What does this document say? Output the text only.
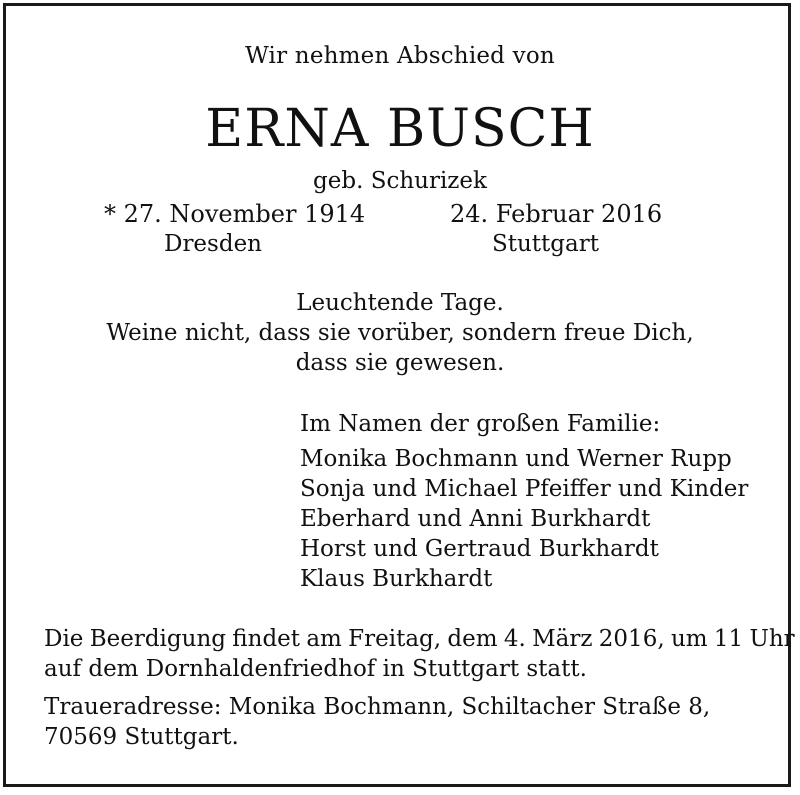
Wir nehmen Abschied von
ERNA BUSCH
geb. Schurizek
* 27. November 1914
Dresden
24. Februar 2016
Stuttgart
Leuchtende Tage.
Weine nicht, dass sie vorüber, sondern freue Dich,
dass sie gewesen.
Im Namen der großen Familie:
Monika Bochmann und Werner Rupp
Sonja und Michael Pfeiffer und Kinder
Eberhard und Anni Burkhardt
Horst und Gertraud Burkhardt
Klaus Burkhardt
Die Beerdigung findet am Freitag, dem 4. März 2016, um 11 Uhr
auf dem Dornhaldenfriedhof in Stuttgart statt.
Traueradresse: Monika Bochmann, Schiltacher Straße 8,
70569 Stuttgart.
